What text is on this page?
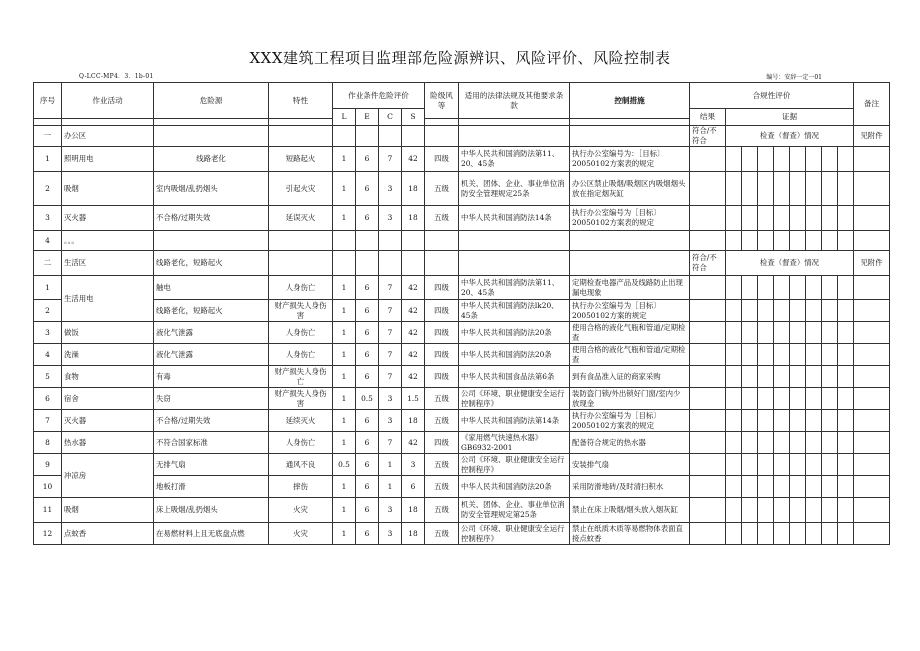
XXX建筑工程项目监理部危险源辨识、风险评价、风险控制表
Q-LCC-MP4．3．1b-01	编号：安辞一定一01
序号	作业活动	危险源	特性	作业条件危险评价				险级风等	适用的法律法规及其他要求条款	控制措施	合规性评价									备注
				L	E	C	S				结果	证据								

一	办公区										符合/不符合	检查（督查）情况								见附件
1	照明用电	线路老化	短路起火	1	6	7	42	四级	中华人民共和国消防法第11、20、45条	执行办公室编号为：［目标〕20050102方案表的规定										
2	吸烟	室内吸烟/乱扔烟头	引起火灾	1	6	3	18	五级	机关、团体、企业、事业单位消防安全管理规定25条	办公区禁止吸烟/吸烟区内吸烟烟头放在指定烟灰缸										
3	灭火器	不合格/过期失效	延误灭火	1	6	3	18	五级	中华人民共和国消防法14条	执行办公室编号为［目标〕20050102方案表的规定										
4	。。。																			
二	生活区	线路老化，短路起火									符合/不符合	检查（督查）情况								见附件
1	生活用电	触电	人身伤亡	1	6	7	42	四级	中华人民共和国消防法第11、20、45条	定期检查电器产品及线路防止出现漏电现象										
2		线路老化，短路起火	财产损失人身伤害	1	6	7	42	四级	中华人民共和国消防法lk20、45条	执行办公室编号为［目标〕20050102方案的规定										
3	做饭	液化气泄露	人身伤亡	1	6	7	42	四级	中华人民共和国消防法20条	使用合格的液化气瓶和管道/定期检查										
4	洗澡	液化气泄露	人身伤亡	1	6	7	42	四级	中华人民共和国消防法20条	使用合格的液化气瓶和管道/定期检查										
5	食物	有毒	财产损失人身伤亡	1	6	7	42	四级	中华人民共和国食品法第6条	到有食品准入证的商家采购										
6	宿舍	失窃	财产损失人身伤害	1	0.5	3	1.5	五级	公司《环境、职业健康安全运行控制程序》	装防盗门锁/外出锁好门窗/室内少放现金										
7	灭火器	不合格/过期失效	延续灭火	1	6	3	18	五级	中华人民共和国消防法第14条	执行办公室编号为［目标〕20050102方案表的规定										
8	热水器	不符合国家标准	人身伤亡	1	6	7	42	四级	《家用燃气快速热水器》GB6932-2001	配备符合规定的热水器										
9	冲凉房	无排气扇	通风不良	0.5	6	1	3	五级	公司《环境、职业健康安全运行控制程序》	安装排气扇										
10		地板打滑	摔伤	1	6	1	6	五级	中华人民共和国消防法20条	采用防滑地砖/及时清扫积水										
11	吸烟	床上吸烟/乱扔烟头	火灾	1	6	3	18	五级	机关、团体、企业、事业单位消防安全管理规定第25条	禁止在床上吸烟/烟头放入烟灰缸										
12	点蚊香	在易燃材料上且无底盘点燃	火灾	1	6	3	18	五级	公司《环境、职业健康安全运行控制程序》	禁止在纸质木质等易燃物体表面直接点蚊香										
